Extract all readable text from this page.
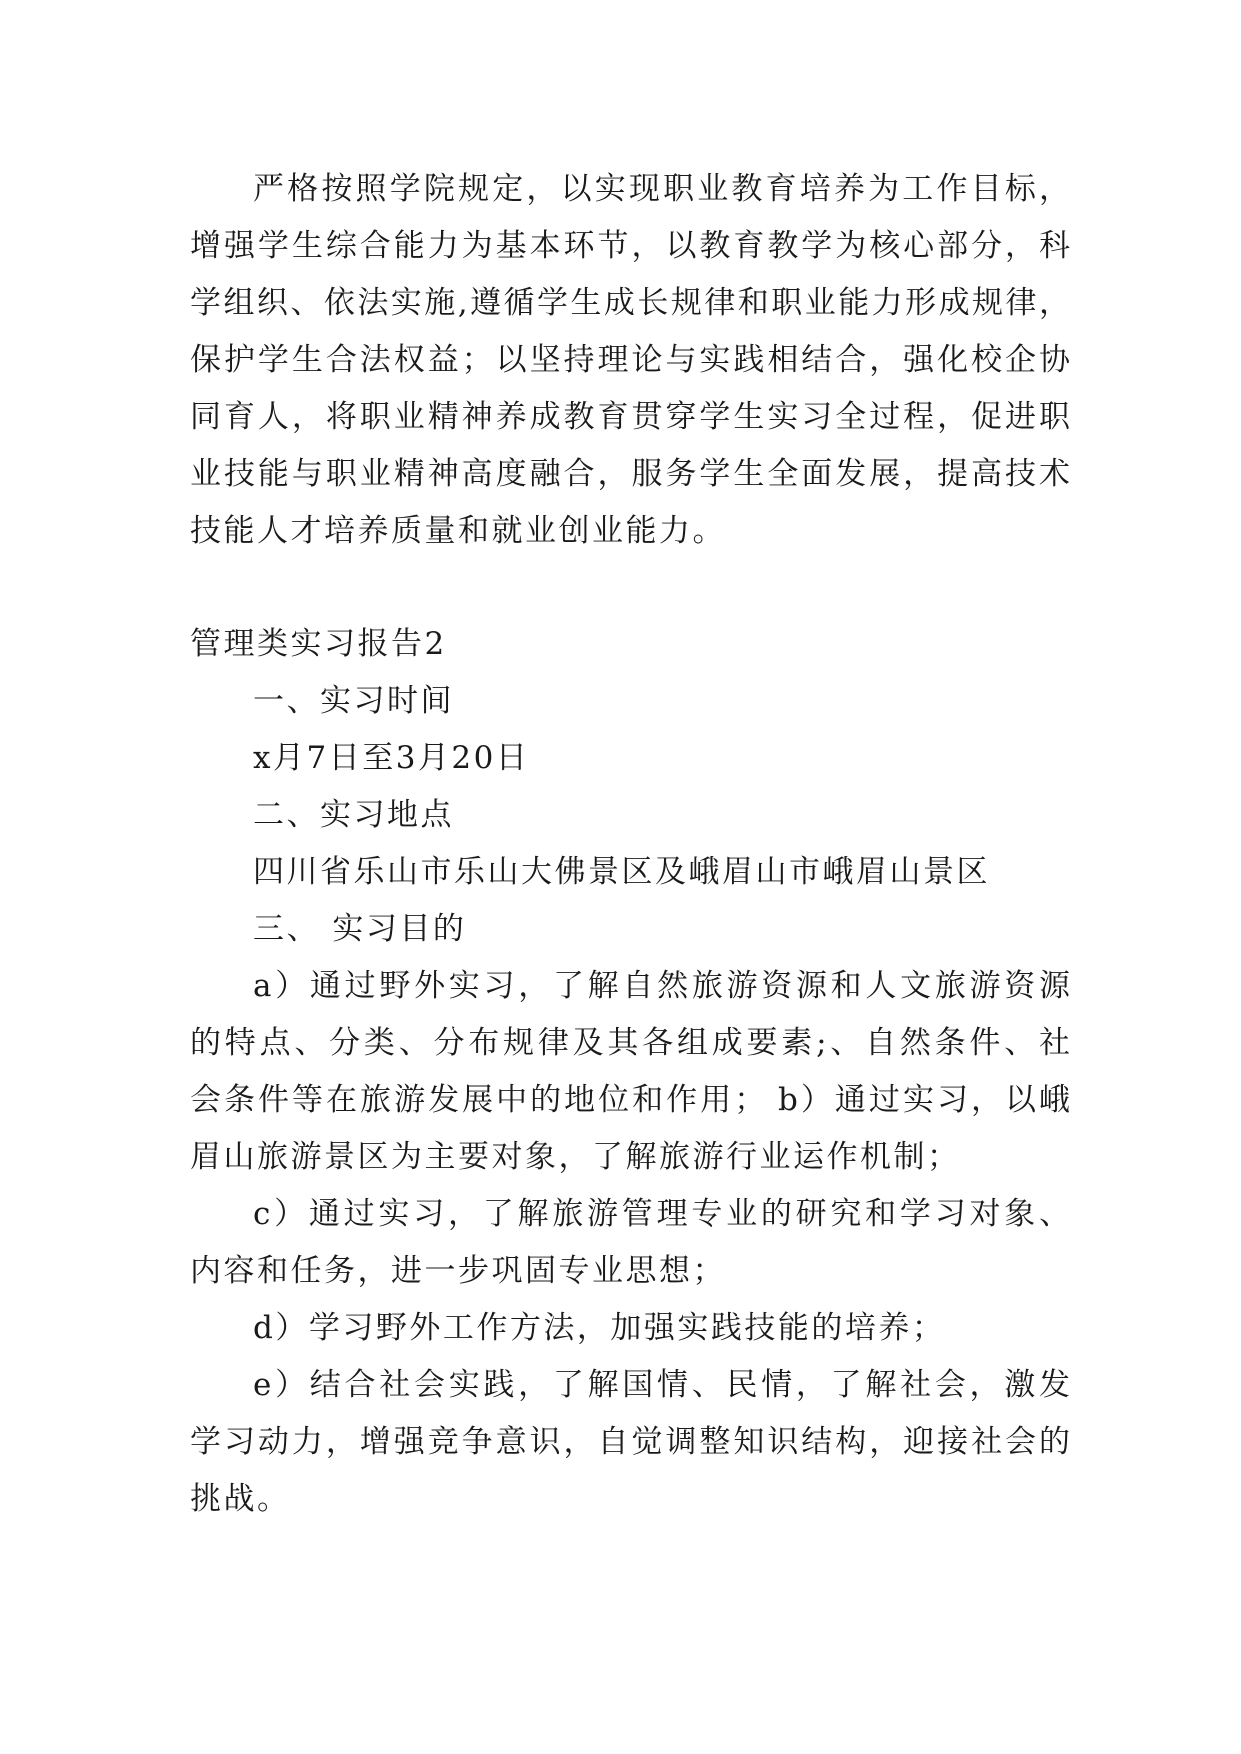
严格按照学院规定，以实现职业教育培养为工作目标，
增强学生综合能力为基本环节，以教育教学为核心部分，科
学组织、依法实施,遵循学生成长规律和职业能力形成规律，
保护学生合法权益；以坚持理论与实践相结合，强化校企协
同育人，将职业精神养成教育贯穿学生实习全过程，促进职
业技能与职业精神高度融合，服务学生全面发展，提高技术
技能人才培养质量和就业创业能力。
管理类实习报告2
一、实习时间
x月7日至3月20日
二、实习地点
四川省乐山市乐山大佛景区及峨眉山市峨眉山景区
三、 实习目的
a）通过野外实习，了解自然旅游资源和人文旅游资源
的特点、分类、分布规律及其各组成要素;、自然条件、社
会条件等在旅游发展中的地位和作用； b）通过实习，以峨
眉山旅游景区为主要对象，了解旅游行业运作机制；
c）通过实习，了解旅游管理专业的研究和学习对象、
内容和任务，进一步巩固专业思想；
d）学习野外工作方法，加强实践技能的培养；
e）结合社会实践，了解国情、民情，了解社会，激发
学习动力，增强竞争意识，自觉调整知识结构，迎接社会的
挑战。
